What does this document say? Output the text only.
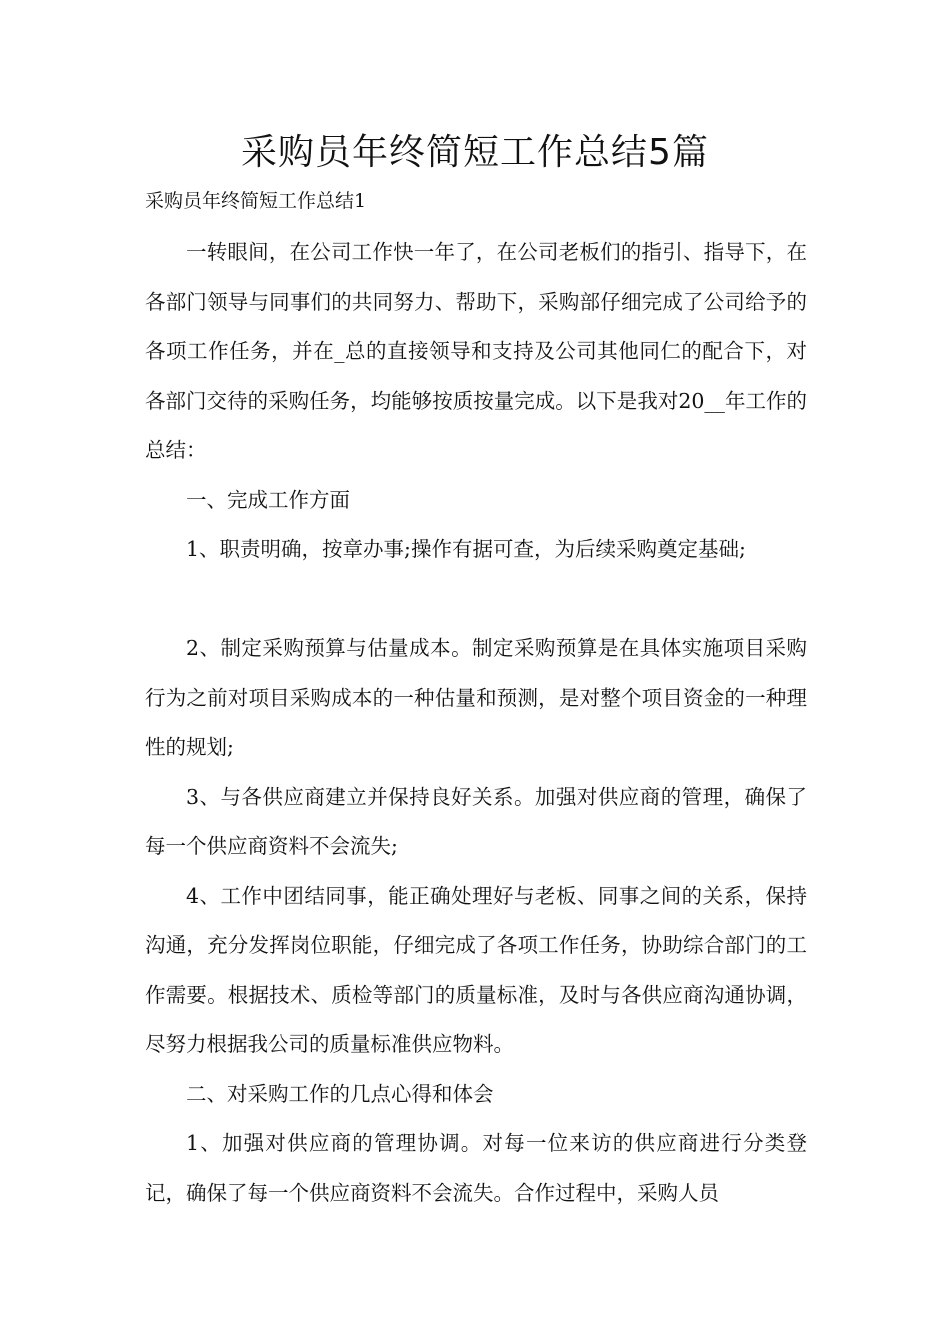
采购员年终简短工作总结5篇
采购员年终简短工作总结1

一转眼间，在公司工作快一年了，在公司老板们的指引、指导下，在各部门领导与同事们的共同努力、帮助下，采购部仔细完成了公司给予的各项工作任务，并在_总的直接领导和支持及公司其他同仁的配合下，对各部门交待的采购任务，均能够按质按量完成。以下是我对20__年工作的总结：

一、完成工作方面

1、职责明确，按章办事;操作有据可查，为后续采购奠定基础;

2、制定采购预算与估量成本。制定采购预算是在具体实施项目采购行为之前对项目采购成本的一种估量和预测，是对整个项目资金的一种理性的规划;

3、与各供应商建立并保持良好关系。加强对供应商的管理，确保了每一个供应商资料不会流失;

4、工作中团结同事，能正确处理好与老板、同事之间的关系，保持沟通，充分发挥岗位职能，仔细完成了各项工作任务，协助综合部门的工作需要。根据技术、质检等部门的质量标准，及时与各供应商沟通协调，尽努力根据我公司的质量标准供应物料。

二、对采购工作的几点心得和体会

1、加强对供应商的管理协调。对每一位来访的供应商进行分类登记，确保了每一个供应商资料不会流失。合作过程中，采购人员
